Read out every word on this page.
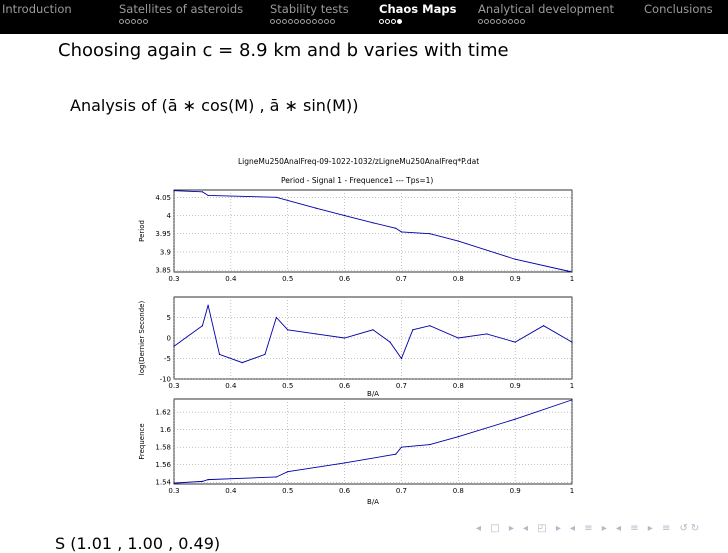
Introduction	Satellites of asteroids Stability tests	Chaos Maps Analytical development	Conclusions
Choosing again c = 8.9 km and b varies with time
Analysis of (ā ∗ cos(M) , ā ∗ sin(M))
LigneMu250AnalFreq-09-1022-1032/zLigneMu250AnalFreq*P.dat
Period - Signal 1 - Frequence1 --- Tps=1)
0.3	0.4	0.5	0.6	0.7	0.8	0.9	1
3.85
3.9
3.95
4
4.05
Period
0.3	0.4	0.5	0.6	0.7	0.8	0.9	1
-10
-5
0
5
log(Dernier Seconde)
B/A
0.3	0.4	0.5	0.6	0.7	0.8	0.9	1
1.54
1.56
1.58
1.6
1.62
Frequence
B/A
S (1.01 , 1.00 , 0.49)
◂ □ ▸ ◂ ◰ ▸ ◂ ≡ ▸ ◂ ≡ ▸ ≡ ↺↻
